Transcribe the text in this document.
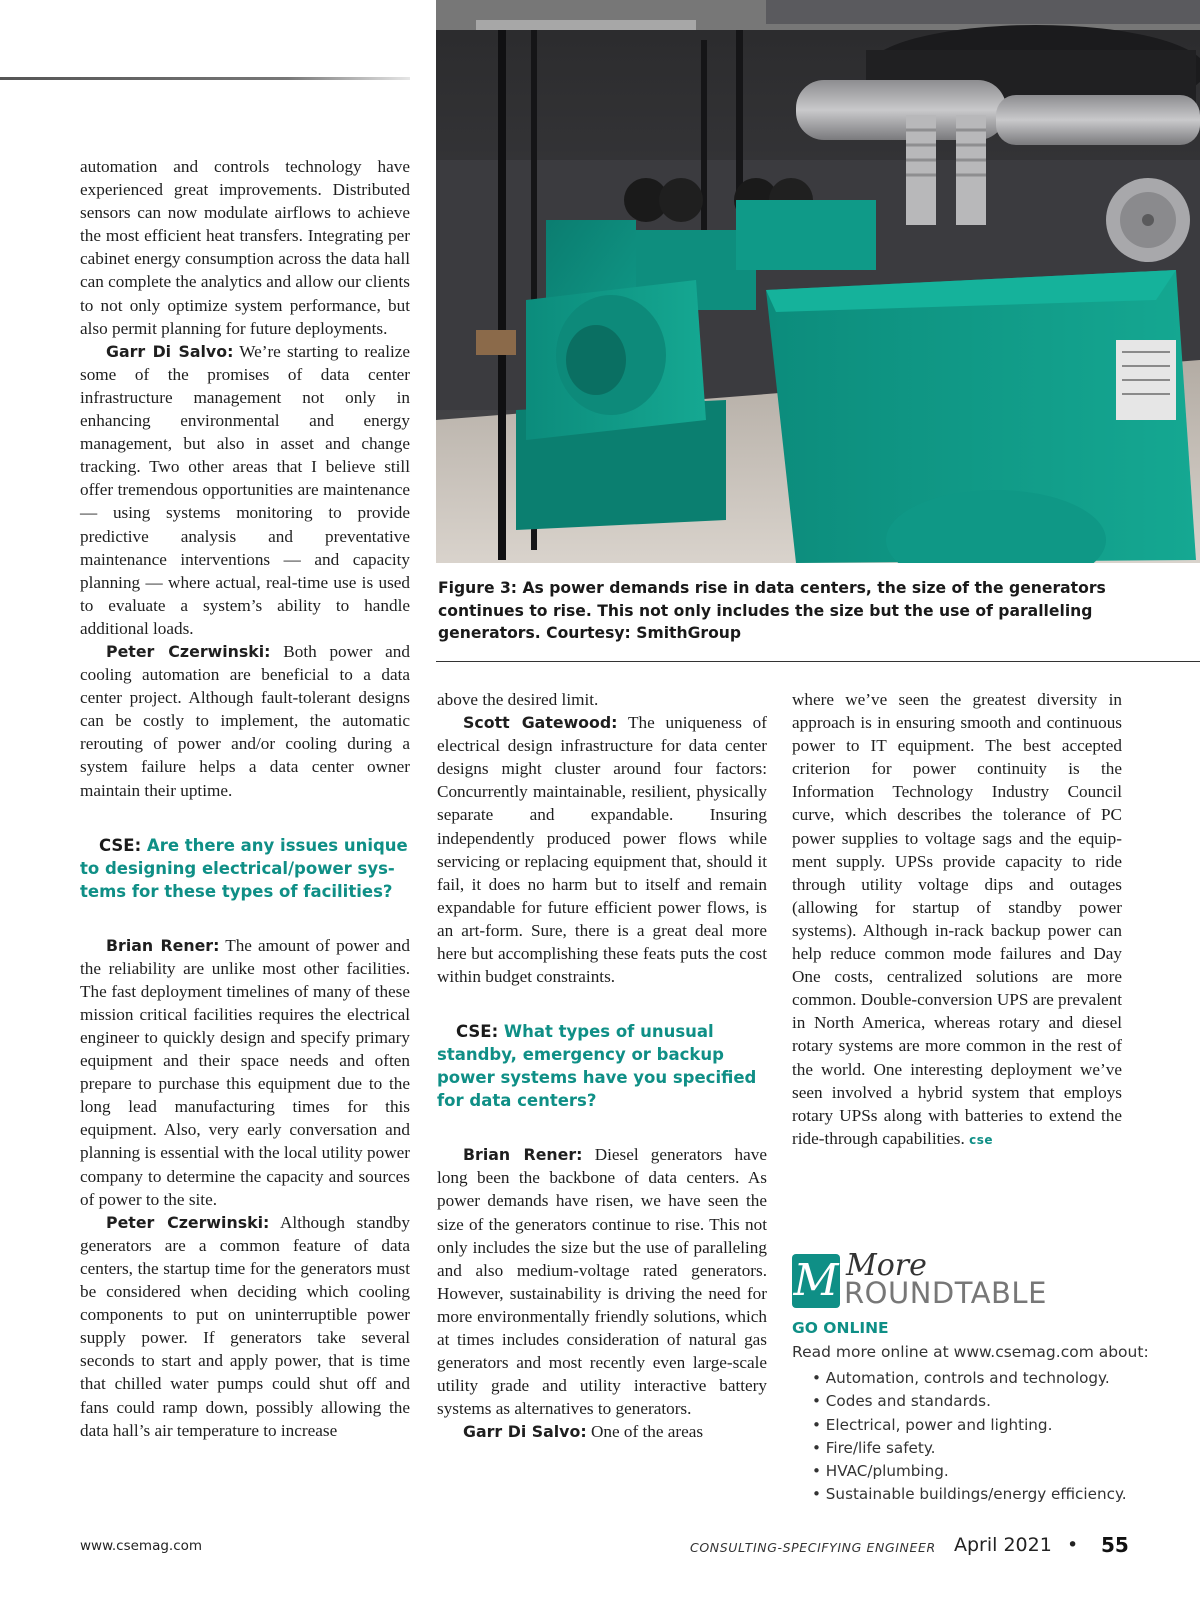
Figure 3: As power demands rise in data centers, the size of the generators continues to rise. This not only includes the size but the use of paralleling generators. Courtesy: SmithGroup

automation and controls technology have experienced great improvements. Distributed sensors can now modulate airflows to achieve the most efficient heat transfers. Integrating per cabinet energy consumption across the data hall can complete the analytics and allow our clients to not only optimize system performance, but also permit planning for future deployments.

Garr Di Salvo: We’re starting to realize some of the promises of data center infrastructure management not only in enhancing environmental and energy management, but also in asset and change tracking. Two other areas that I believe still offer tremendous opportunities are maintenance — using systems monitoring to provide predictive analysis and preventative maintenance interventions — and capacity planning — where actual, real-time use is used to evaluate a system’s ability to handle additional loads.

Peter Czerwinski: Both power and cooling automation are beneficial to a data center project. Although fault-tolerant designs can be costly to implement, the automatic rerouting of power and/or cooling during a system failure helps a data center owner maintain their uptime.

CSE: Are there any issues unique to designing electrical/power systems for these types of facilities?

Brian Rener: The amount of power and the reliability are unlike most other facilities. The fast deployment timelines of many of these mission critical facilities requires the electrical engineer to quickly design and specify primary equipment and their space needs and often prepare to purchase this equipment due to the long lead manufacturing times for this equipment. Also, very early conversation and planning is essential with the local utility power company to determine the capacity and sources of power to the site.

Peter Czerwinski: Although standby generators are a common feature of data centers, the startup time for the generators must be considered when deciding which cooling components to put on uninterruptible power supply power. If generators take several seconds to start and apply power, that is time that chilled water pumps could shut off and fans could ramp down, possibly allowing the data hall’s air temperature to increase

above the desired limit.

Scott Gatewood: The uniqueness of electrical design infrastructure for data center designs might cluster around four factors: Concurrently maintainable, resilient, physically separate and expandable. Insuring independently produced power flows while servicing or replacing equipment that, should it fail, it does no harm but to itself and remain expandable for future efficient power flows, is an art-form. Sure, there is a great deal more here but accomplishing these feats puts the cost within budget constraints.

CSE: What types of unusual standby, emergency or backup power systems have you specified for data centers?

Brian Rener: Diesel generators have long been the backbone of data centers. As power demands have risen, we have seen the size of the generators continue to rise. This not only includes the size but the use of paralleling and also medium-voltage rated generators. However, sustainability is driving the need for more environmentally friendly solutions, which at times includes consideration of natural gas generators and most recently even large-scale utility grade and utility interactive battery systems as alternatives to generators.

Garr Di Salvo: One of the areas

where we’ve seen the greatest diversity in approach is in ensuring smooth and continuous power to IT equipment. The best accepted criterion for power continuity is the Information Technology Industry Council curve, which describes the tolerance of PC power supplies to voltage sags and the equipment supply. UPSs provide capacity to ride through utility voltage dips and outages (allowing for startup of standby power systems). Although in-rack backup power can help reduce common mode failures and Day One costs, centralized solutions are more common. Double-conversion UPS are prevalent in North America, whereas rotary and diesel rotary systems are more common in the rest of the world. One interesting deployment we’ve seen involved a hybrid system that employs rotary UPSs along with batteries to extend the ride-through capabilities. cse

M More
ROUNDTABLE

GO ONLINE

Read more online at www.csemag.com about:

• Automation, controls and technology.
• Codes and standards.
• Electrical, power and lighting.
• Fire/life safety.
• HVAC/plumbing.
• Sustainable buildings/energy efficiency.
www.csemag.com	CONSULTING-SPECIFYING ENGINEER April 2021 • 55
